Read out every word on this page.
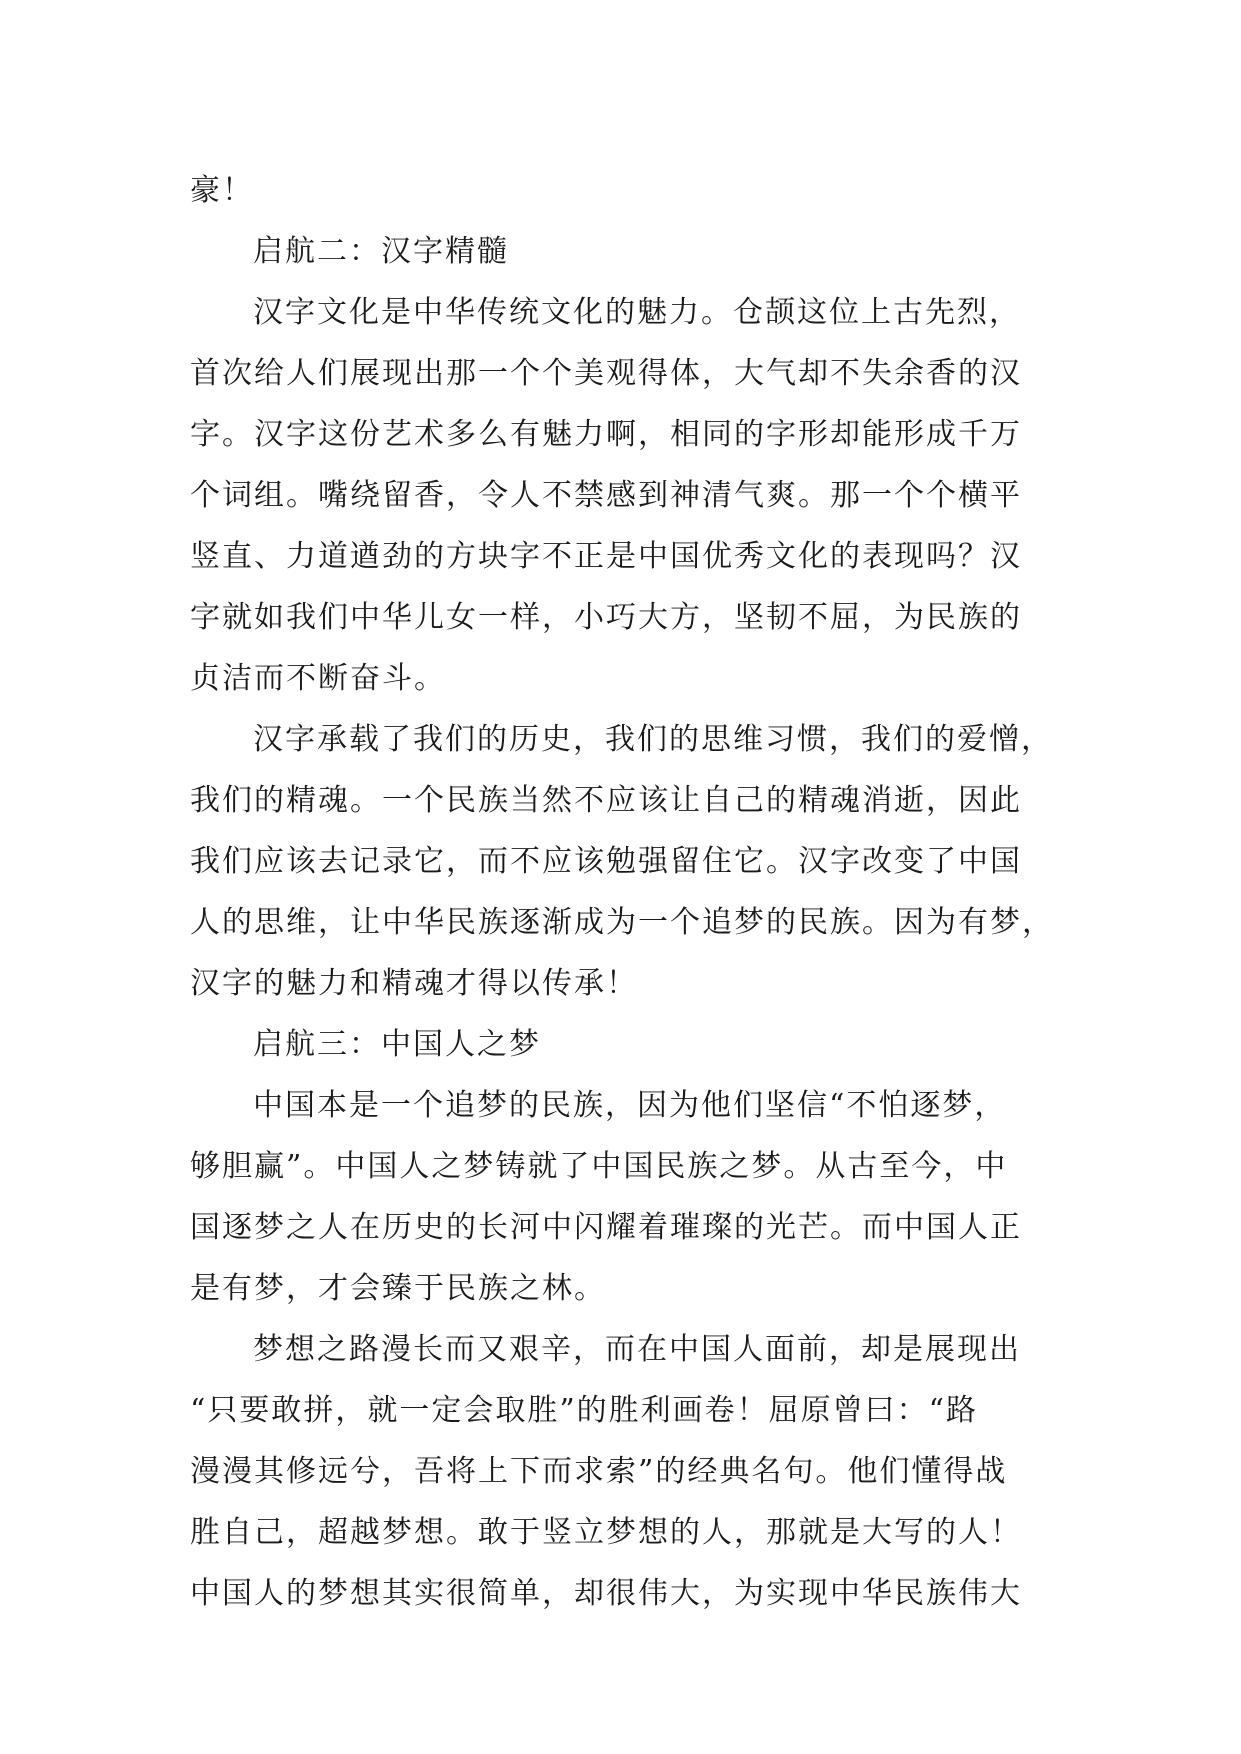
豪！
启航二：汉字精髓
汉字文化是中华传统文化的魅力。仓颉这位上古先烈，
首次给人们展现出那一个个美观得体，大气却不失余香的汉
字。汉字这份艺术多么有魅力啊，相同的字形却能形成千万
个词组。嘴绕留香，令人不禁感到神清气爽。那一个个横平
竖直、力道遒劲的方块字不正是中国优秀文化的表现吗？汉
字就如我们中华儿女一样，小巧大方，坚韧不屈，为民族的
贞洁而不断奋斗。
汉字承载了我们的历史，我们的思维习惯，我们的爱憎，
我们的精魂。一个民族当然不应该让自己的精魂消逝，因此
我们应该去记录它，而不应该勉强留住它。汉字改变了中国
人的思维，让中华民族逐渐成为一个追梦的民族。因为有梦，
汉字的魅力和精魂才得以传承！
启航三：中国人之梦
中国本是一个追梦的民族，因为他们坚信“不怕逐梦，
够胆赢”。中国人之梦铸就了中国民族之梦。从古至今，中
国逐梦之人在历史的长河中闪耀着璀璨的光芒。而中国人正
是有梦，才会臻于民族之林。
梦想之路漫长而又艰辛，而在中国人面前，却是展现出
“只要敢拼，就一定会取胜”的胜利画卷！屈原曾曰：“路
漫漫其修远兮，吾将上下而求索”的经典名句。他们懂得战
胜自己，超越梦想。敢于竖立梦想的人，那就是大写的人！
中国人的梦想其实很简单，却很伟大，为实现中华民族伟大
